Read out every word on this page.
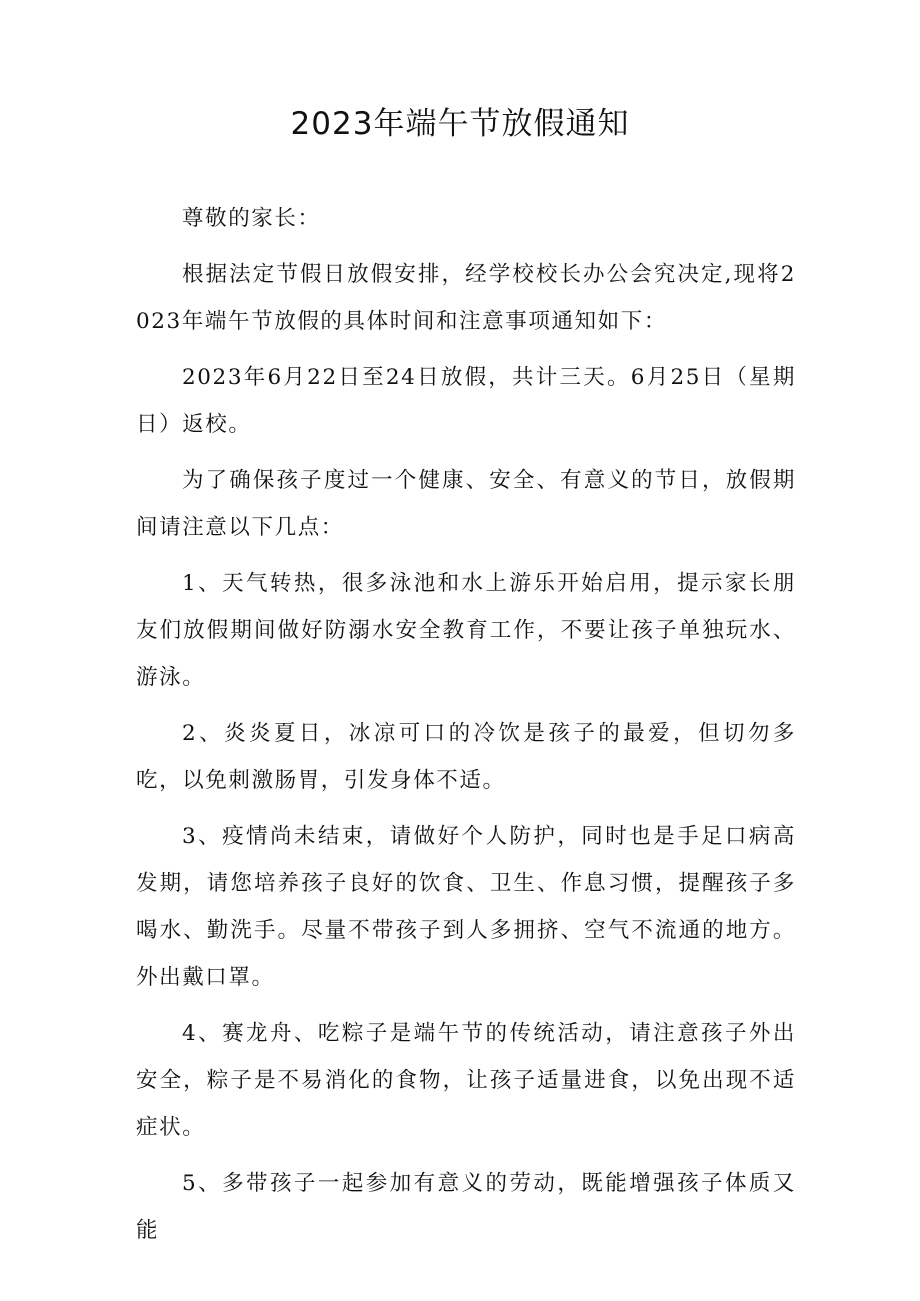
2023年端午节放假通知

尊敬的家长：

根据法定节假日放假安排，经学校校长办公会究决定,现将2023年端午节放假的具体时间和注意事项通知如下：

2023年6月22日至24日放假，共计三天。6月25日（星期日）返校。

为了确保孩子度过一个健康、安全、有意义的节日，放假期间请注意以下几点：

1、天气转热，很多泳池和水上游乐开始启用，提示家长朋友们放假期间做好防溺水安全教育工作，不要让孩子单独玩水、游泳。

2、炎炎夏日，冰凉可口的冷饮是孩子的最爱，但切勿多吃，以免刺激肠胃，引发身体不适。

3、疫情尚未结束，请做好个人防护，同时也是手足口病高发期，请您培养孩子良好的饮食、卫生、作息习惯，提醒孩子多喝水、勤洗手。尽量不带孩子到人多拥挤、空气不流通的地方。外出戴口罩。

4、赛龙舟、吃粽子是端午节的传统活动，请注意孩子外出安全，粽子是不易消化的食物，让孩子适量进食，以免出现不适症状。

5、多带孩子一起参加有意义的劳动，既能增强孩子体质又能
